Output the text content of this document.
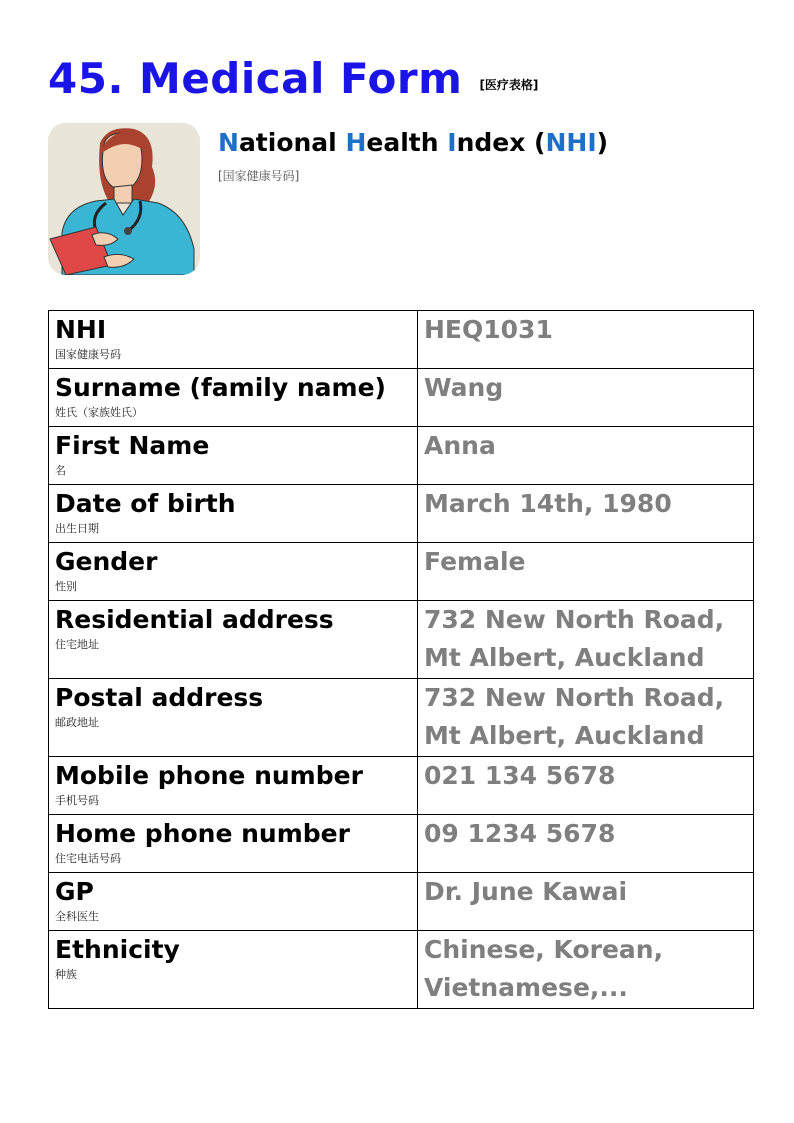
45. Medical Form [医疗表格]
National Health Index (NHI)
[国家健康号码]
NHI
国家健康号码	HEQ1031

Surname (family name)
姓氏（家族姓氏）	Wang

First Name
名	Anna

Date of birth
出生日期	March 14th, 1980

Gender
性别	Female

Residential address
住宅地址	732 New North Road,
Mt Albert, Auckland

Postal address
邮政地址	732 New North Road,
Mt Albert, Auckland

Mobile phone number
手机号码	021 134 5678

Home phone number
住宅电话号码	09 1234 5678

GP
全科医生	Dr. June Kawai

Ethnicity
种族	Chinese, Korean,
Vietnamese,...
